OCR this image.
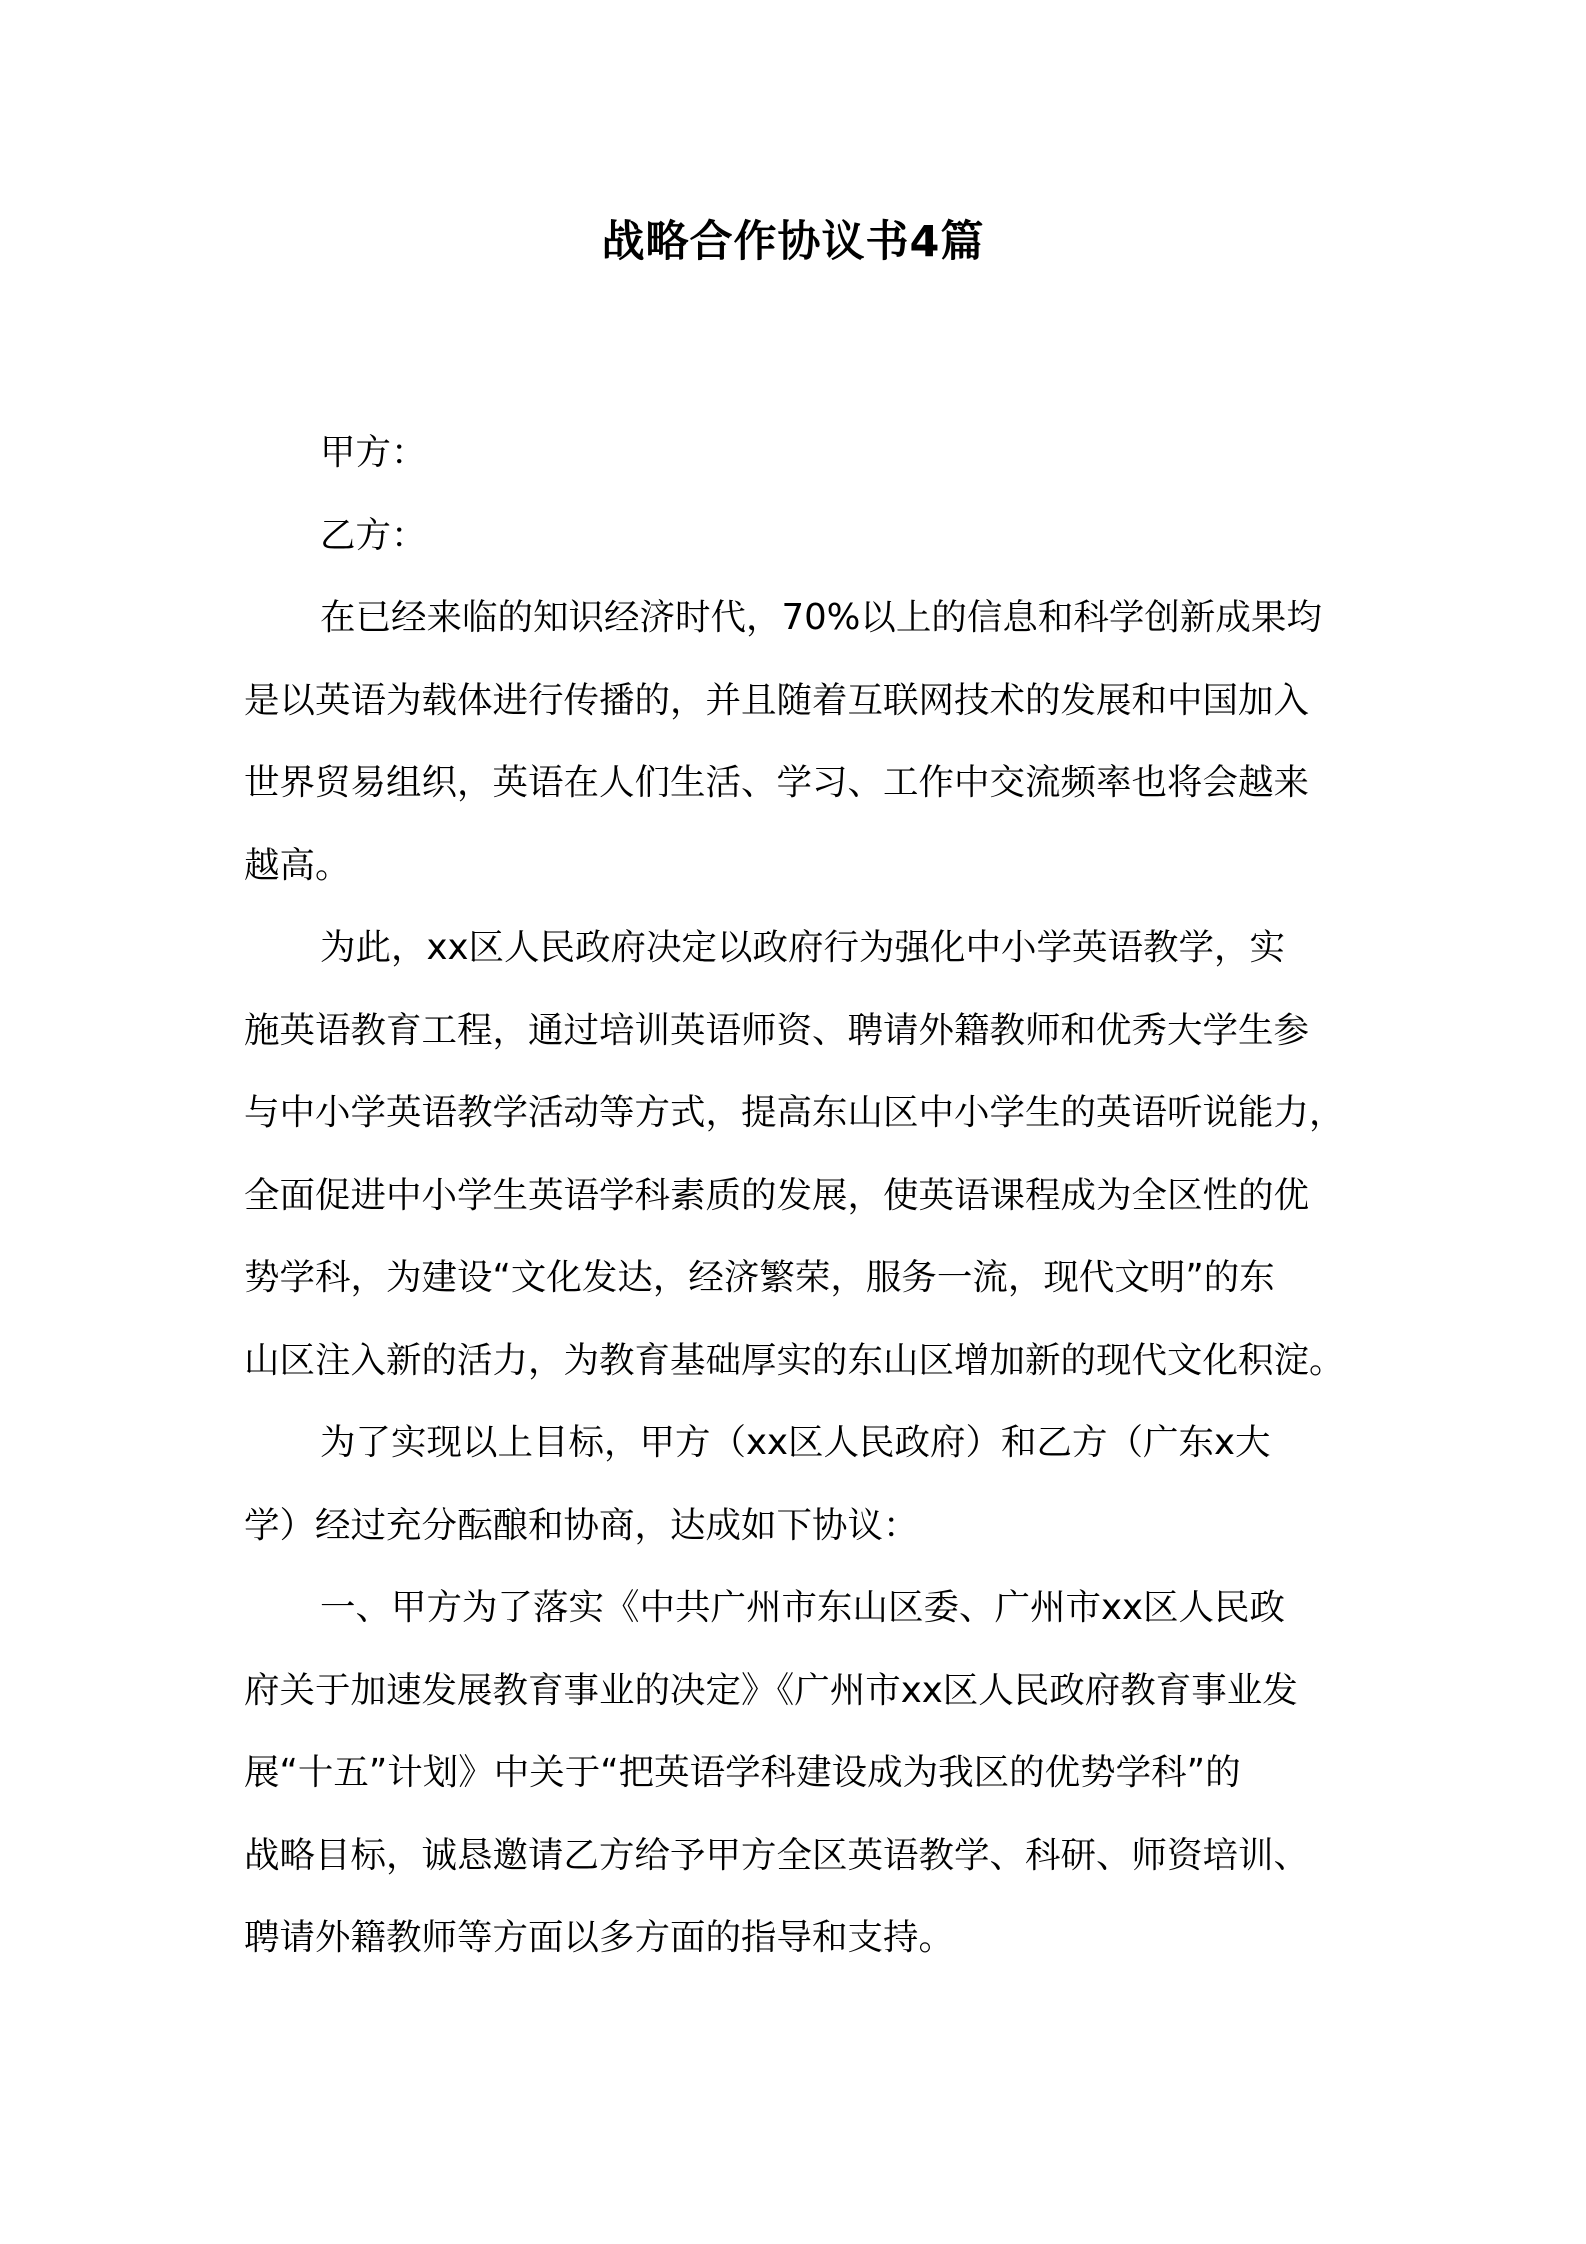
战略合作协议书4篇
甲方：
乙方：
在已经来临的知识经济时代，70%以上的信息和科学创新成果均
是以英语为载体进行传播的，并且随着互联网技术的发展和中国加入
世界贸易组织，英语在人们生活、学习、工作中交流频率也将会越来
越高。
为此，xx区人民政府决定以政府行为强化中小学英语教学，实
施英语教育工程，通过培训英语师资、聘请外籍教师和优秀大学生参
与中小学英语教学活动等方式，提高东山区中小学生的英语听说能力，
全面促进中小学生英语学科素质的发展，使英语课程成为全区性的优
势学科，为建设“文化发达，经济繁荣，服务一流，现代文明”的东
山区注入新的活力，为教育基础厚实的东山区增加新的现代文化积淀。
为了实现以上目标，甲方（xx区人民政府）和乙方（广东x大
学）经过充分酝酿和协商，达成如下协议：
一、甲方为了落实《中共广州市东山区委、广州市xx区人民政
府关于加速发展教育事业的决定》《广州市xx区人民政府教育事业发
展“十五”计划》中关于“把英语学科建设成为我区的优势学科”的
战略目标，诚恳邀请乙方给予甲方全区英语教学、科研、师资培训、
聘请外籍教师等方面以多方面的指导和支持。
